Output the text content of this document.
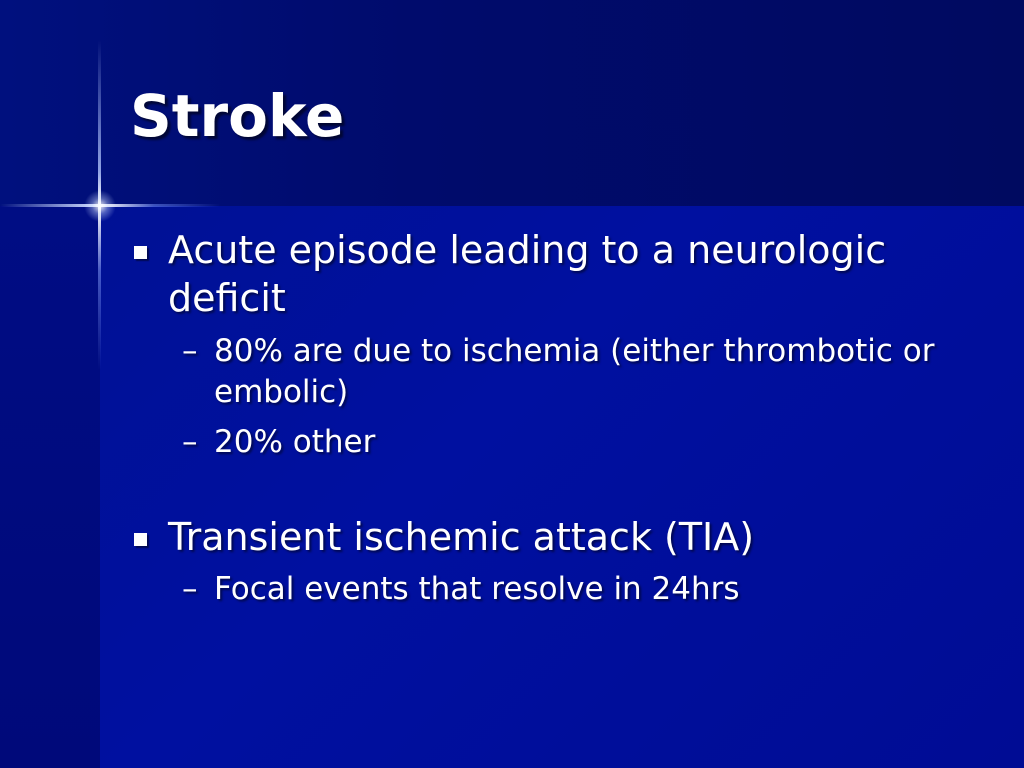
Stroke

Acute episode leading to a neurologic deficit

– 80% are due to ischemia (either thrombotic or embolic)

– 20% other

Transient ischemic attack (TIA)

– Focal events that resolve in 24hrs
